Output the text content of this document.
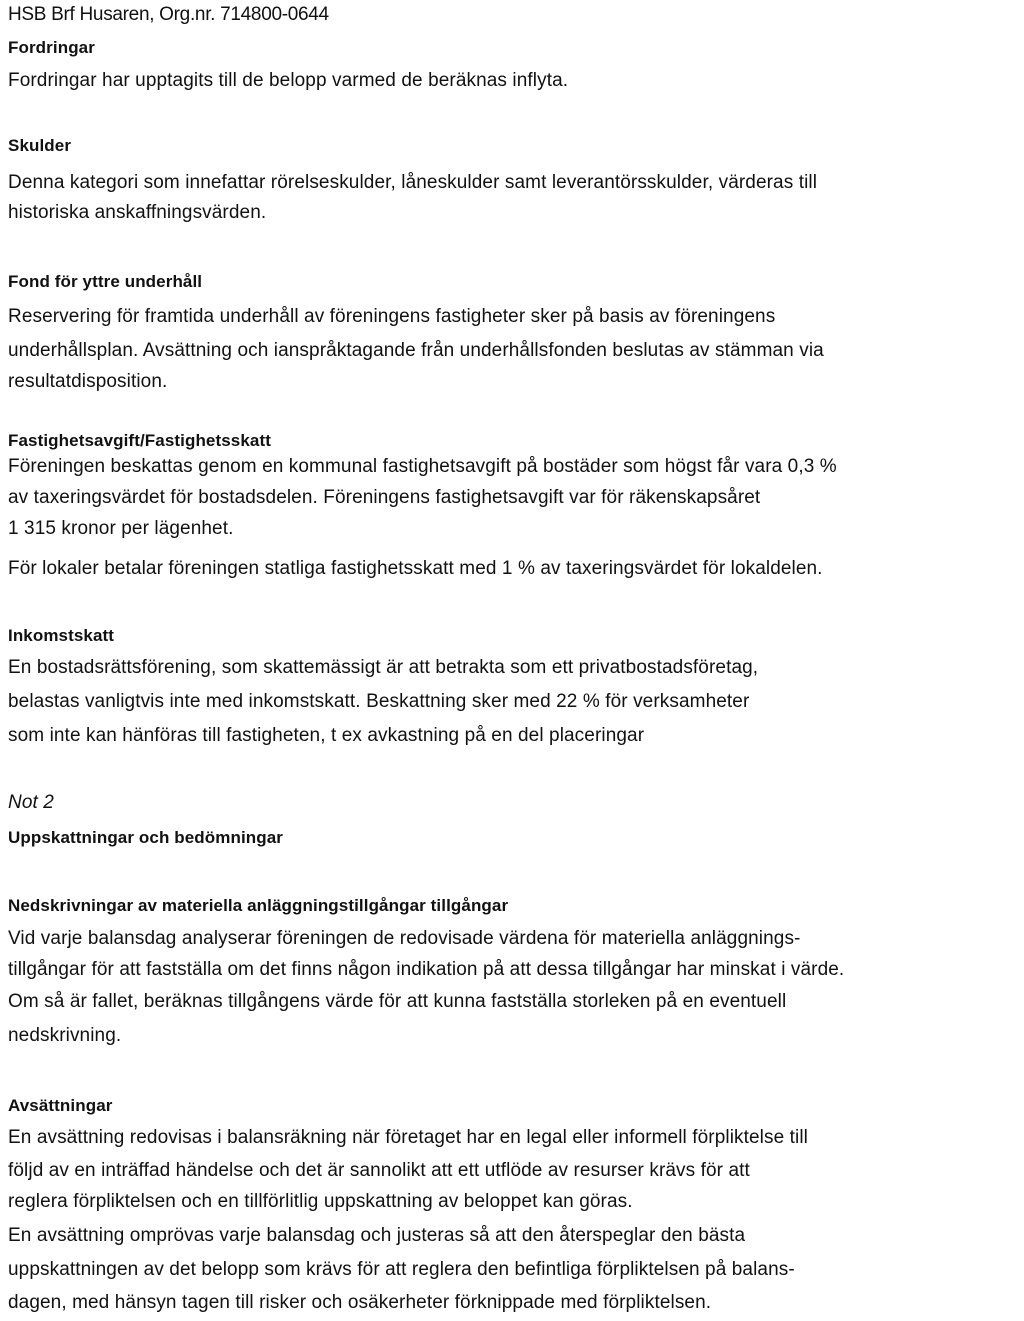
HSB Brf Husaren, Org.nr. 714800-0644
Fordringar
Fordringar har upptagits till de belopp varmed de beräknas inflyta.
Skulder
Denna kategori som innefattar rörelseskulder, låneskulder samt leverantörsskulder, värderas till
historiska anskaffningsvärden.
Fond för yttre underhåll
Reservering för framtida underhåll av föreningens fastigheter sker på basis av föreningens
underhållsplan. Avsättning och ianspråktagande från underhållsfonden beslutas av stämman via
resultatdisposition.
Fastighetsavgift/Fastighetsskatt
Föreningen beskattas genom en kommunal fastighetsavgift på bostäder som högst får vara 0,3 %
av taxeringsvärdet för bostadsdelen. Föreningens fastighetsavgift var för räkenskapsåret
1 315 kronor per lägenhet.
För lokaler betalar föreningen statliga fastighetsskatt med 1 % av taxeringsvärdet för lokaldelen.
Inkomstskatt
En bostadsrättsförening, som skattemässigt är att betrakta som ett privatbostadsföretag,
belastas vanligtvis inte med inkomstskatt. Beskattning sker med 22 % för verksamheter
som inte kan hänföras till fastigheten, t ex avkastning på en del placeringar
Not 2
Uppskattningar och bedömningar
Nedskrivningar av materiella anläggningstillgångar tillgångar
Vid varje balansdag analyserar föreningen de redovisade värdena för materiella anläggnings-
tillgångar för att fastställa om det finns någon indikation på att dessa tillgångar har minskat i värde.
Om så är fallet, beräknas tillgångens värde för att kunna fastställa storleken på en eventuell
nedskrivning.
Avsättningar
En avsättning redovisas i balansräkning när företaget har en legal eller informell förpliktelse till
följd av en inträffad händelse och det är sannolikt att ett utflöde av resurser krävs för att
reglera förpliktelsen och en tillförlitlig uppskattning av beloppet kan göras.
En avsättning omprövas varje balansdag och justeras så att den återspeglar den bästa
uppskattningen av det belopp som krävs för att reglera den befintliga förpliktelsen på balans-
dagen, med hänsyn tagen till risker och osäkerheter förknippade med förpliktelsen.
